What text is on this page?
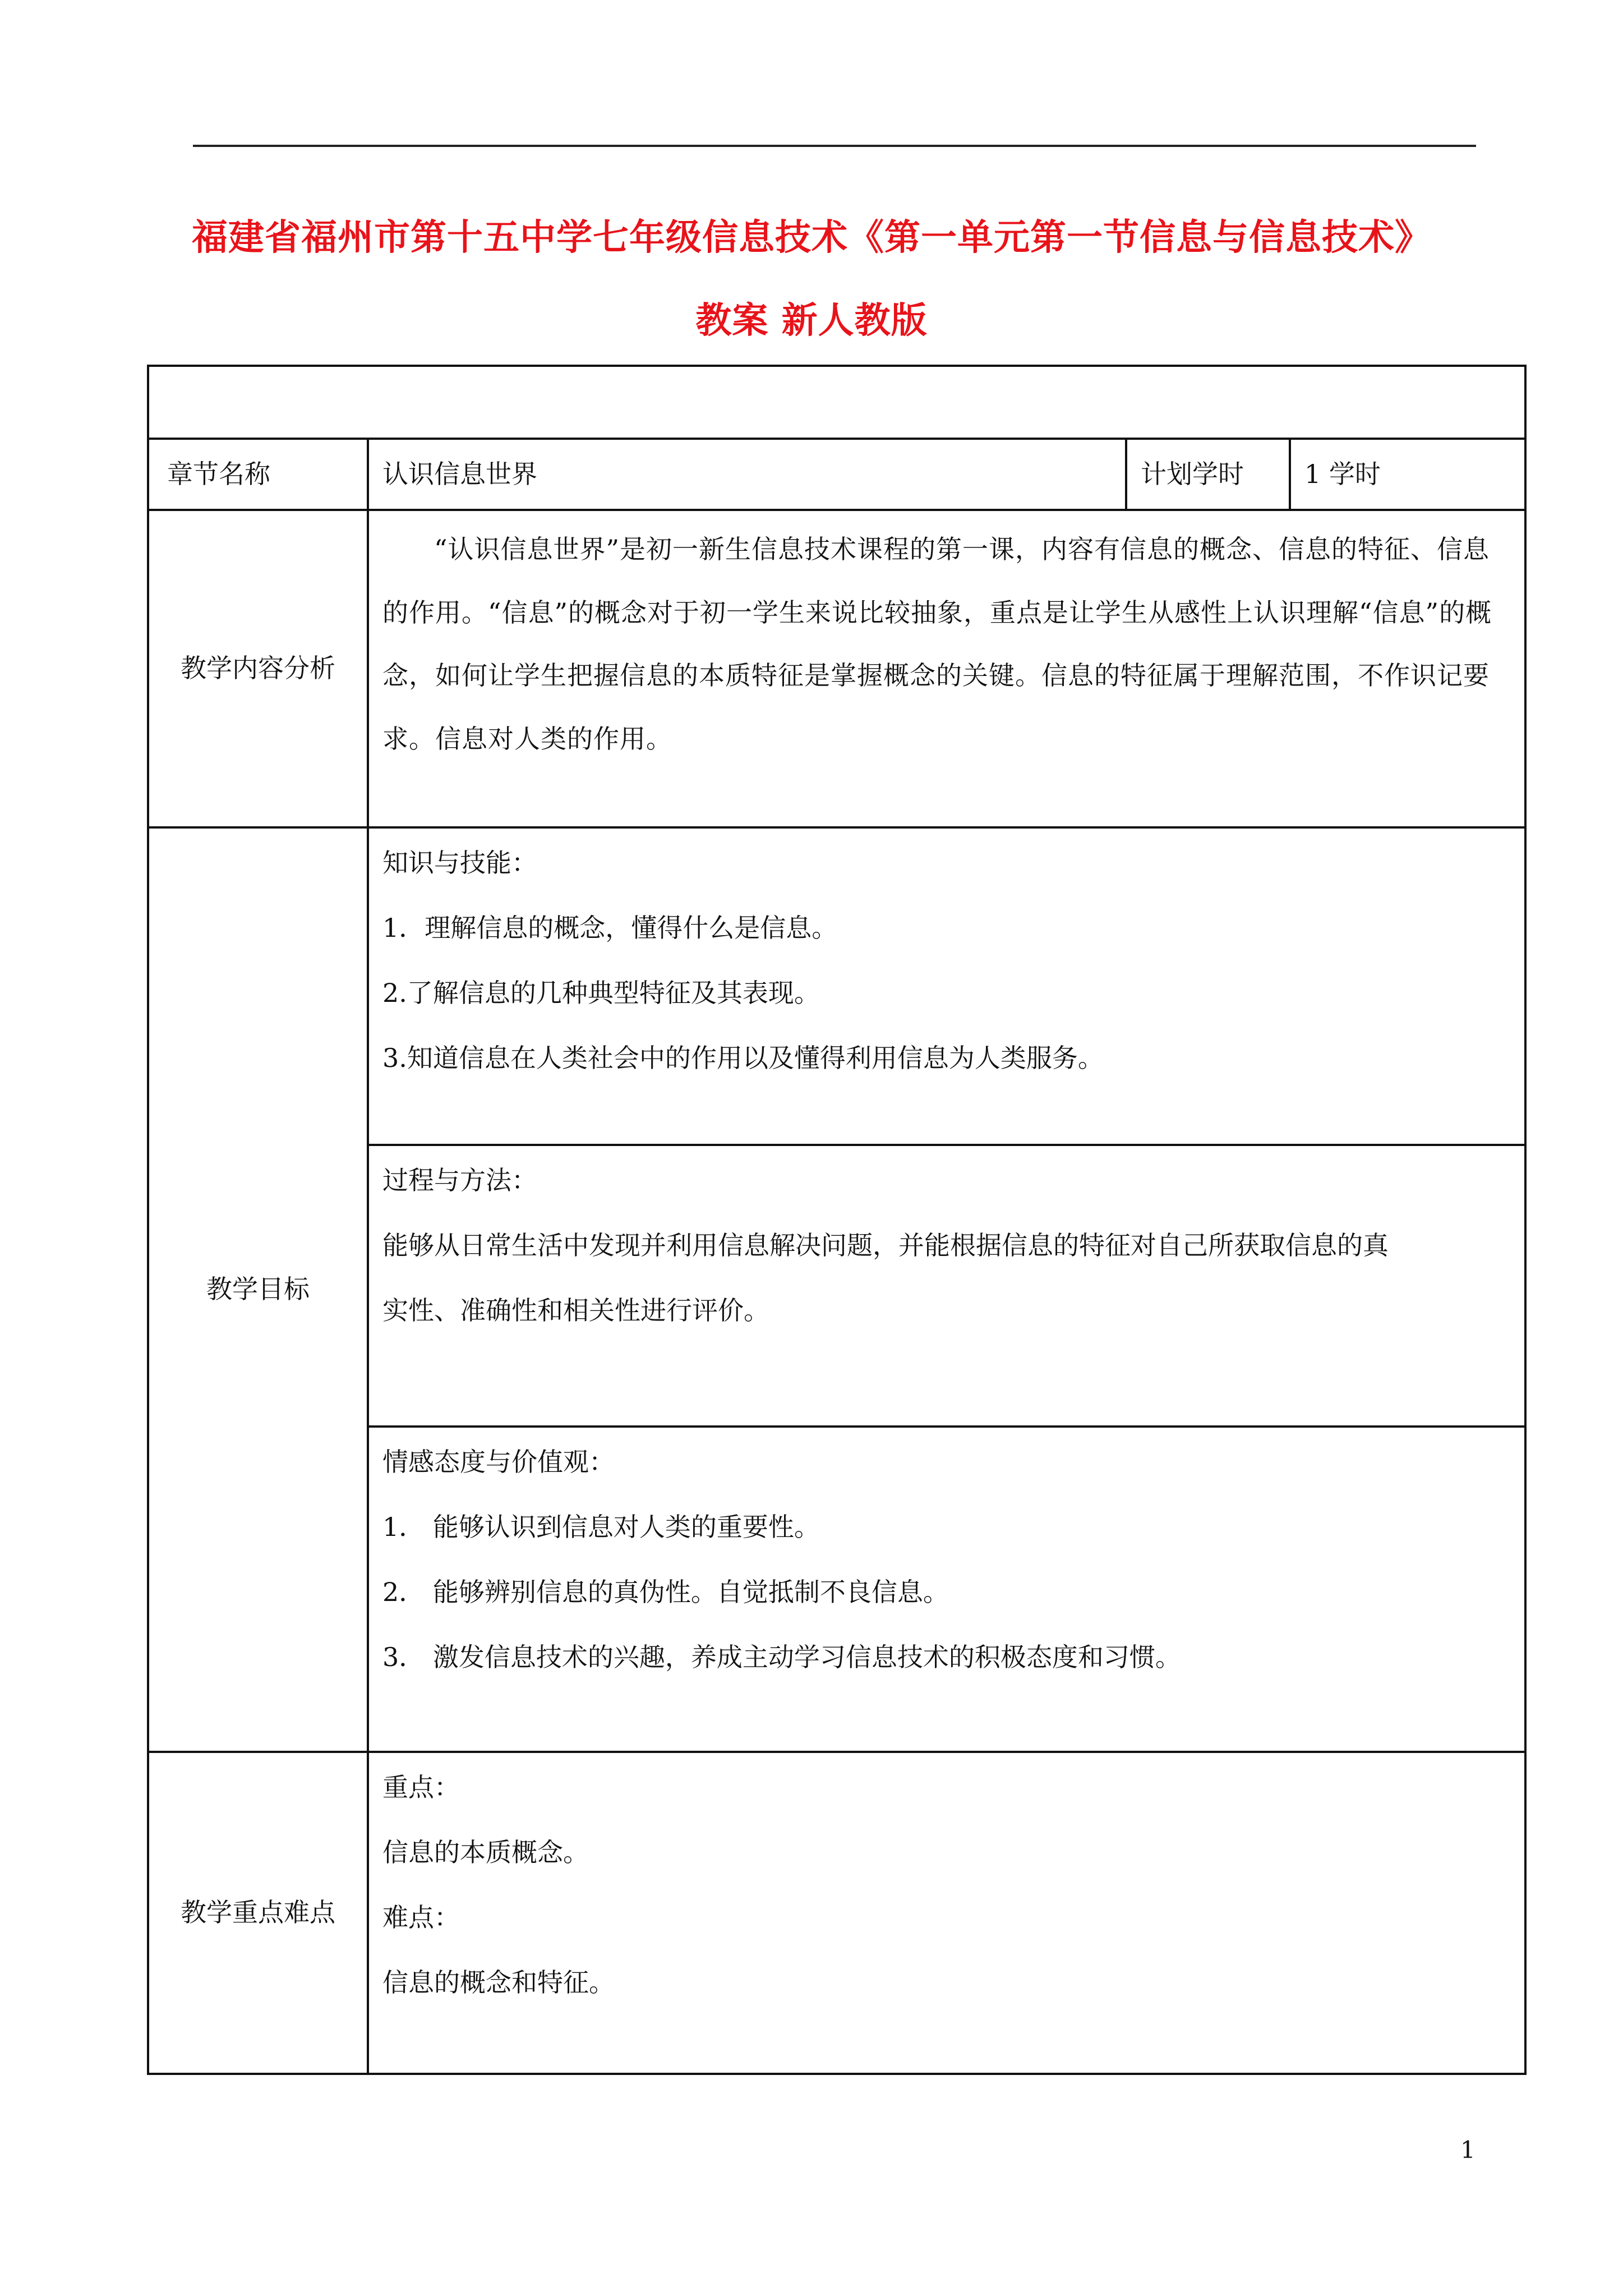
福建省福州市第十五中学七年级信息技术《第一单元第一节信息与信息技术》
教案 新人教版

章节名称	认识信息世界	计划学时	1 学时
教学内容分析	“认识信息世界”是初一新生信息技术课程的第一课，内容有信息的概念、信息的特征、信息的作用。“信息”的概念对于初一学生来说比较抽象，重点是让学生从感性上认识理解“信息”的概念，如何让学生把握信息的本质特征是掌握概念的关键。信息的特征属于理解范围，不作识记要求。信息对人类的作用。		

教学目标	知识与技能：

1．理解信息的概念，懂得什么是信息。

2.了解信息的几种典型特征及其表现。

3.知道信息在人类社会中的作用以及懂得利用信息为人类服务。		

	过程与方法：

能够从日常生活中发现并利用信息解决问题，并能根据信息的特征对自己所获取信息的真

实性、准确性和相关性进行评价。		

	情感态度与价值观：

1． 能够认识到信息对人类的重要性。

2． 能够辨别信息的真伪性。自觉抵制不良信息。

3． 激发信息技术的兴趣，养成主动学习信息技术的积极态度和习惯。		

教学重点难点	重点：

信息的本质概念。

难点：

信息的概念和特征。		

1
